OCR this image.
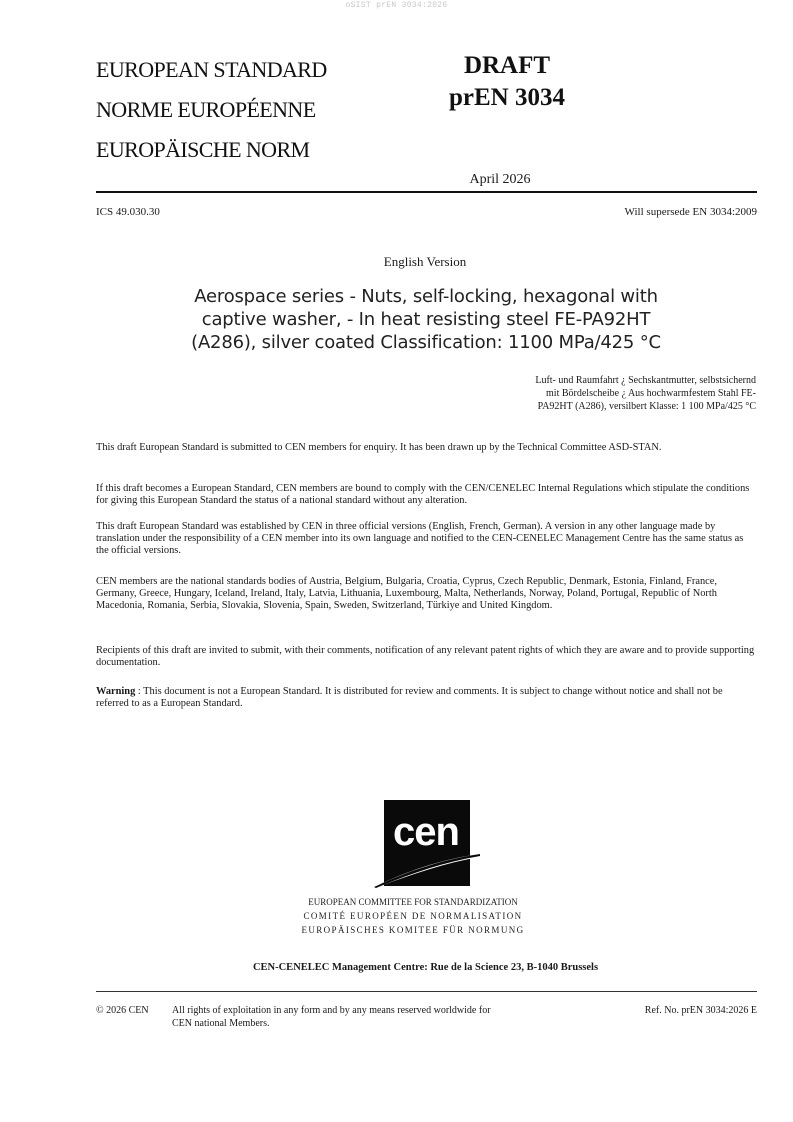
oSIST prEN 3034:2026
EUROPEAN STANDARD
NORME EUROPÉENNE
EUROPÄISCHE NORM
DRAFT
prEN 3034
April 2026
ICS 49.030.30	Will supersede EN 3034:2009
English Version
Aerospace series - Nuts, self-locking, hexagonal with
captive washer, - In heat resisting steel FE-PA92HT
(A286), silver coated Classification: 1100 MPa/425 °C
Luft- und Raumfahrt ¿ Sechskantmutter, selbstsichernd
mit Bördelscheibe ¿ Aus hochwarmfestem Stahl FE-
PA92HT (A286), versilbert Klasse: 1 100 MPa/425 °C
This draft European Standard is submitted to CEN members for enquiry. It has been drawn up by the Technical Committee ASD-STAN.
If this draft becomes a European Standard, CEN members are bound to comply with the CEN/CENELEC Internal Regulations which stipulate the conditions for giving this European Standard the status of a national standard without any alteration.
This draft European Standard was established by CEN in three official versions (English, French, German). A version in any other language made by translation under the responsibility of a CEN member into its own language and notified to the CEN-CENELEC Management Centre has the same status as the official versions.
CEN members are the national standards bodies of Austria, Belgium, Bulgaria, Croatia, Cyprus, Czech Republic, Denmark, Estonia, Finland, France, Germany, Greece, Hungary, Iceland, Ireland, Italy, Latvia, Lithuania, Luxembourg, Malta, Netherlands, Norway, Poland, Portugal, Republic of North Macedonia, Romania, Serbia, Slovakia, Slovenia, Spain, Sweden, Switzerland, Türkiye and United Kingdom.
Recipients of this draft are invited to submit, with their comments, notification of any relevant patent rights of which they are aware and to provide supporting documentation.
Warning : This document is not a European Standard. It is distributed for review and comments. It is subject to change without notice and shall not be referred to as a European Standard.
cen
EUROPEAN COMMITTEE FOR STANDARDIZATION
COMITÉ EUROPÉEN DE NORMALISATION
EUROPÄISCHES KOMITEE FÜR NORMUNG
CEN-CENELEC Management Centre: Rue de la Science 23, B-1040 Brussels
© 2026 CEN All rights of exploitation in any form and by any means reserved worldwide for CEN national Members.
Ref. No. prEN 3034:2026 E
